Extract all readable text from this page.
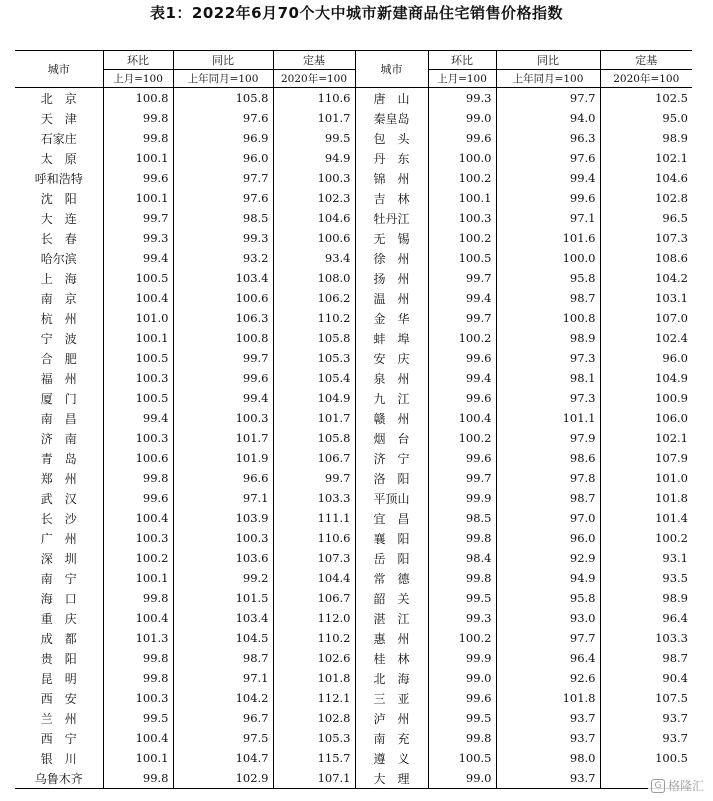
表1：2022年6月70个大中城市新建商品住宅销售价格指数
城市	环比	同比	定基	城市	环比	同比	定基
	上月=100	上年同月=100	2020年=100		上月=100	上年同月=100	2020年=100
北　京	100.8	105.8	110.6	唐　山	99.3	97.7	102.5
天　津	99.8	97.6	101.7	秦皇岛	99.0	94.0	95.0
石家庄	99.8	96.9	99.5	包　头	99.6	96.3	98.9
太　原	100.1	96.0	94.9	丹　东	100.0	97.6	102.1
呼和浩特	99.6	97.7	100.3	锦　州	100.2	99.4	104.6
沈　阳	100.1	97.6	102.3	吉　林	100.1	99.6	102.8
大　连	99.7	98.5	104.6	牡丹江	100.3	97.1	96.5
长　春	99.3	99.3	100.6	无　锡	100.2	101.6	107.3
哈尔滨	99.4	93.2	93.4	徐　州	100.5	100.0	108.6
上　海	100.5	103.4	108.0	扬　州	99.7	95.8	104.2
南　京	100.4	100.6	106.2	温　州	99.4	98.7	103.1
杭　州	101.0	106.3	110.2	金　华	99.7	100.8	107.0
宁　波	100.1	100.8	105.8	蚌　埠	100.2	98.9	102.4
合　肥	100.5	99.7	105.3	安　庆	99.6	97.3	96.0
福　州	100.3	99.6	105.4	泉　州	99.4	98.1	104.9
厦　门	100.5	99.4	104.9	九　江	99.6	97.3	100.9
南　昌	99.4	100.3	101.7	赣　州	100.4	101.1	106.0
济　南	100.3	101.7	105.8	烟　台	100.2	97.9	102.1
青　岛	100.6	101.9	106.7	济　宁	99.6	98.6	107.9
郑　州	99.8	96.6	99.7	洛　阳	99.7	97.8	101.0
武　汉	99.6	97.1	103.3	平顶山	99.9	98.7	101.8
长　沙	100.4	103.9	111.1	宜　昌	98.5	97.0	101.4
广　州	100.3	100.3	110.6	襄　阳	99.8	96.0	100.2
深　圳	100.2	103.6	107.3	岳　阳	98.4	92.9	93.1
南　宁	100.1	99.2	104.4	常　德	99.8	94.9	93.5
海　口	99.8	101.5	106.7	韶　关	99.5	95.8	98.9
重　庆	100.4	103.4	112.0	湛　江	99.3	93.0	96.4
成　都	101.3	104.5	110.2	惠　州	100.2	97.7	103.3
贵　阳	99.8	98.7	102.6	桂　林	99.9	96.4	98.7
昆　明	99.8	97.1	101.8	北　海	99.0	92.6	90.4
西　安	100.3	104.2	112.1	三　亚	99.6	101.8	107.5
兰　州	99.5	96.7	102.8	泸　州	99.5	93.7	93.7
西　宁	100.4	97.5	105.3	南　充	99.8	93.7	93.7
银　川	100.1	104.7	115.7	遵　义	100.5	98.0	100.5
乌鲁木齐	99.8	102.9	107.1	大　理	99.0	93.7	
G 格隆汇
